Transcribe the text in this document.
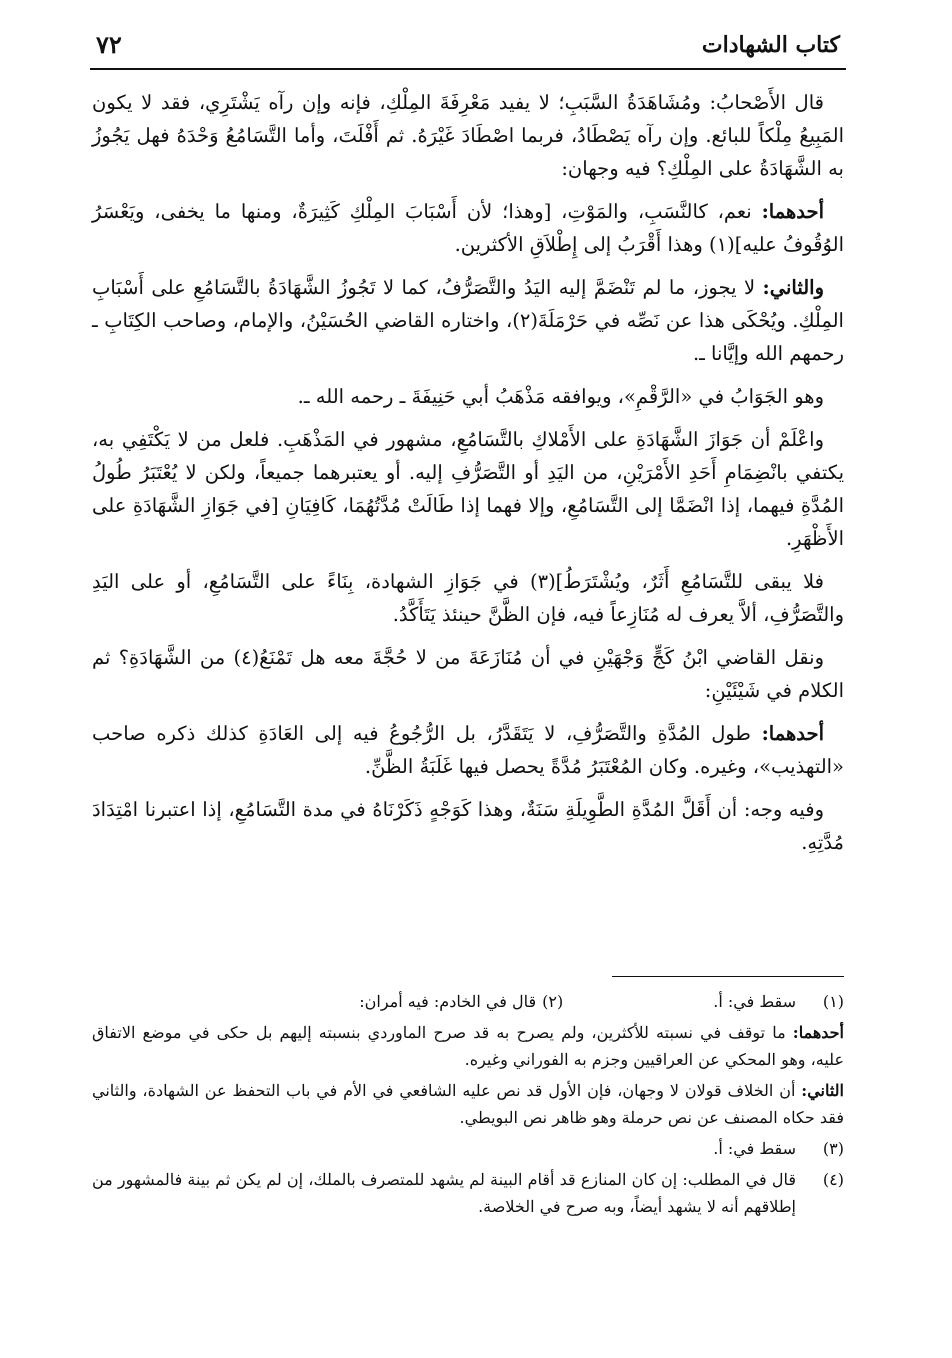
كتاب الشهادات
٧٢

قال الأَصْحابُ: ومُشَاهَدَةُ السَّبَبِ؛ لا يفيد مَعْرِفَةَ المِلْكِ، فإنه وإن رآه يَشْتَرِي، فقد لا يكون المَبِيعُ مِلْكاً للبائع. وإن رآه يَصْطَادُ، فربما اصْطَادَ غَيْرَهُ. ثم أَفْلَتَ، وأما التَّسَامُعُ وَحْدَهُ فهل يَجُوزُ به الشَّهَادَةُ على المِلْكِ؟ فيه وجهان:

أحدهما: نعم، كالنَّسَبِ، والمَوْتِ، [وهذا؛ لأن أَسْبَابَ المِلْكِ كَثِيرَةٌ، ومنها ما يخفى، ويَعْسَرُ الوُقُوفُ عليه](١) وهذا أَقْرَبُ إلى إِطْلاَقِ الأكثرين.

والثاني: لا يجوز، ما لم تَنْضَمَّ إليه اليَدُ والتَّصَرُّفُ، كما لا تَجُوزُ الشَّهَادَةُ بالتَّسَامُعِ على أَسْبَابِ المِلْكِ. ويُحْكَى هذا عن نَصِّه في حَرْمَلَةَ(٢)، واختاره القاضي الحُسَيْنُ، والإمام، وصاحب الكِتَابِ ـ رحمهم الله وإيَّانا ـ.

وهو الجَوَابُ في «الرَّقْمِ»، ويوافقه مَذْهَبُ أبي حَنِيفَةَ ـ رحمه الله ـ.

واعْلَمْ أن جَوَازَ الشَّهَادَةِ على الأَمْلاكِ بالتَّسَامُعِ، مشهور في المَذْهَبِ. فلعل من لا يَكْتَفِي به، يكتفي بانْضِمَامِ أَحَدِ الأَمْرَيْنِ، من اليَدِ أو التَّصَرُّفِ إليه. أو يعتبرهما جميعاً، ولكن لا يُعْتَبَرُ طُولُ المُدَّةِ فيهما، إذا انْضَمَّا إلى التَّسَامُعِ، وإلا فهما إذا طَالَتْ مُدَّتُهُمَا، كَافِيَانِ [في جَوَازِ الشَّهَادَةِ على الأَظْهَرِ.

فلا يبقى للتَّسَامُعِ أَثَرٌ، ويُشْتَرَطُ](٣) في جَوَازِ الشهادة، بِنَاءً على التَّسَامُعِ، أو على اليَدِ والتَّصَرُّفِ، ألاَّ يعرف له مُنَازِعاً فيه، فإن الظَّنَّ حينئذ يَتَأَكَّدُ.

ونقل القاضي ابْنُ كَجٍّ وَجْهَيْنِ في أن مُنَازَعَةَ من لا حُجَّةَ معه هل تَمْنَعُ(٤) من الشَّهَادَةِ؟ ثم الكلام في شَيْئَيْنِ:

أحدهما: طول المُدَّةِ والتَّصَرُّفِ، لا يَتَقَدَّرُ، بل الرُّجُوعُ فيه إلى العَادَةِ كذلك ذكره صاحب «التهذيب»، وغيره. وكان المُعْتَبَرُ مُدَّةً يحصل فيها غَلَبَةُ الظَّنِّ.

وفيه وجه: أن أَقَلَّ المُدَّةِ الطَّوِيلَةِ سَنَةٌ، وهذا كَوَجْهٍ ذَكَرْنَاهُ في مدة التَّسَامُعِ، إذا اعتبرنا امْتِدَادَ مُدَّتِهِ.

(١)
سقط في: أ.
(٢)
قال في الخادم: فيه أمران:
أحدهما: ما توقف في نسبته للأكثرين، ولم يصرح به قد صرح الماوردي بنسبته إليهم بل حكى في موضع الاتفاق عليه، وهو المحكي عن العراقيين وجزم به الفوراني وغيره.
الثاني: أن الخلاف قولان لا وجهان، فإن الأول قد نص عليه الشافعي في الأم في باب التحفظ عن الشهادة، والثاني فقد حكاه المصنف عن نص حرملة وهو ظاهر نص البويطي.
(٣)
سقط في: أ.
(٤)
قال في المطلب: إن كان المنازع قد أقام البينة لم يشهد للمتصرف بالملك، إن لم يكن ثم بينة فالمشهور من إطلاقهم أنه لا يشهد أيضاً، وبه صرح في الخلاصة.
